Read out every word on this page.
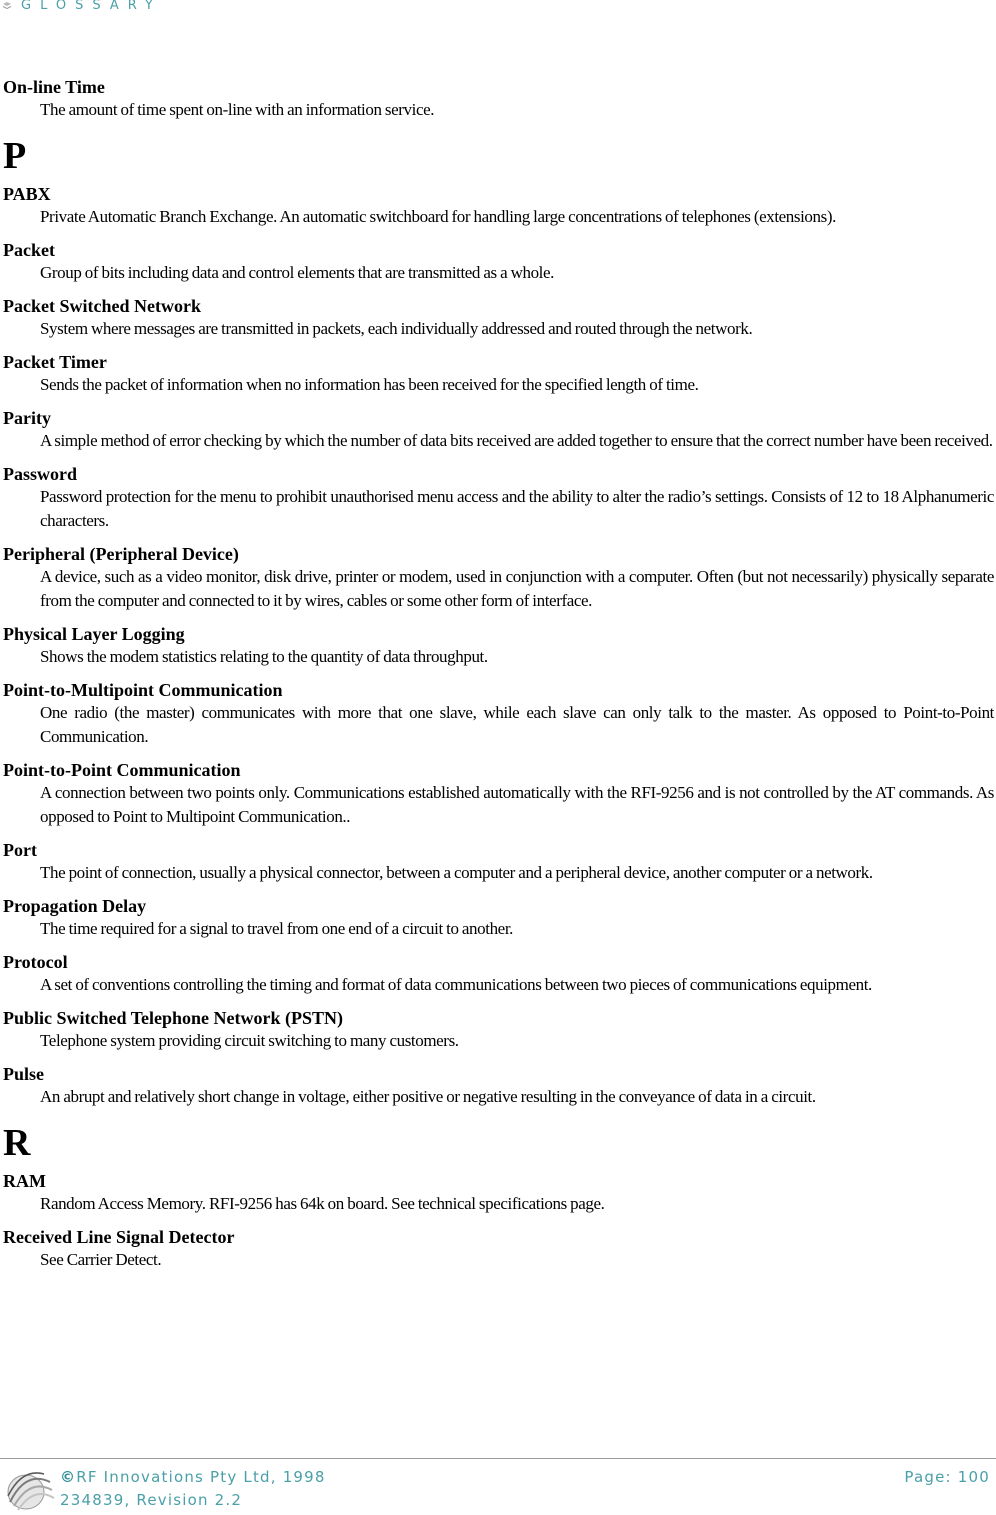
GLOSSARY
On-line Time
The amount of time spent on-line with an information service.
P
PABX
Private Automatic Branch Exchange. An automatic switchboard for handling large concentrations of telephones (extensions).
Packet
Group of bits including data and control elements that are transmitted as a whole.
Packet Switched Network
System where messages are transmitted in packets, each individually addressed and routed through the network.
Packet Timer
Sends the packet of information when no information has been received for the specified length of time.
Parity
A simple method of error checking by which the number of data bits received are added together to ensure that the correct number have been received.
Password
Password protection for the menu to prohibit unauthorised menu access and the ability to alter the radio’s settings. Consists of 12 to 18 Alphanumeric characters.
Peripheral (Peripheral Device)
A device, such as a video monitor, disk drive, printer or modem, used in conjunction with a computer. Often (but not necessarily) physically separate from the computer and connected to it by wires, cables or some other form of interface.
Physical Layer Logging
Shows the modem statistics relating to the quantity of data throughput.
Point-to-Multipoint Communication
One radio (the master) communicates with more that one slave, while each slave can only talk to the master. As opposed to Point-to-Point Communication.
Point-to-Point Communication
A connection between two points only. Communications established automatically with the RFI-9256 and is not controlled by the AT commands. As opposed to Point to Multipoint Communication..
Port
The point of connection, usually a physical connector, between a computer and a peripheral device, another computer or a network.
Propagation Delay
The time required for a signal to travel from one end of a circuit to another.
Protocol
A set of conventions controlling the timing and format of data communications between two pieces of communications equipment.
Public Switched Telephone Network (PSTN)
Telephone system providing circuit switching to many customers.
Pulse
An abrupt and relatively short change in voltage, either positive or negative resulting in the conveyance of data in a circuit.
R
RAM
Random Access Memory. RFI-9256 has 64k on board. See technical specifications page.
Received Line Signal Detector
See Carrier Detect.
©RF Innovations Pty Ltd, 1998
234839, Revision 2.2
Page: 100
